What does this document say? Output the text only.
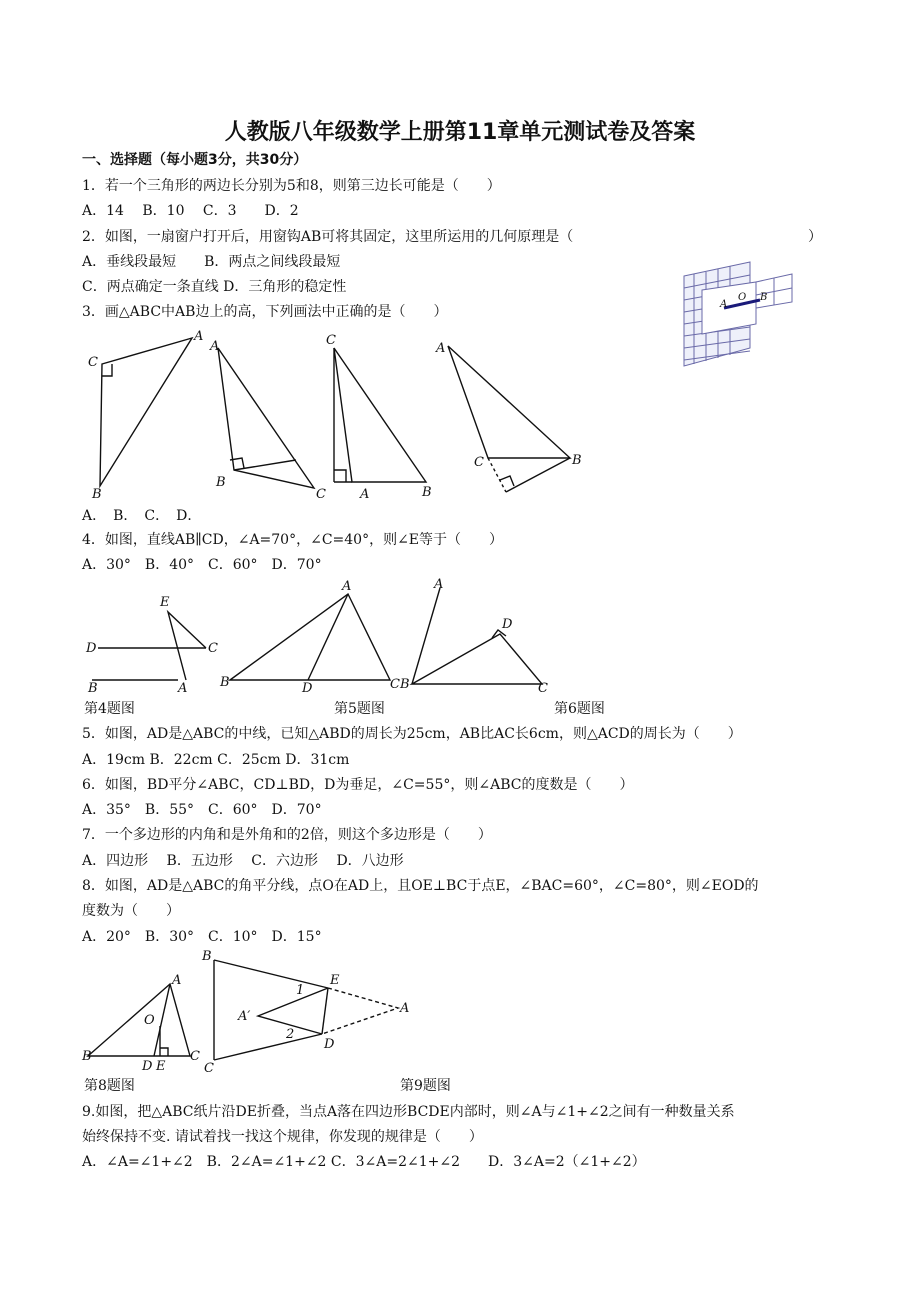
人教版八年级数学上册第11章单元测试卷及答案
一、选择题（每小题3分，共30分）
1．若一个三角形的两边长分别为5和8，则第三边长可能是（　　）
A．14　 B．10　 C．3　　D．2
2．如图，一扇窗户打开后，用窗钩AB可将其固定，这里所运用的几何原理是（	）
A．垂线段最短　　B．两点之间线段最短
C．两点确定一条直线 D．三角形的稳定性
A
O B
3．画△ABC中AB边上的高，下列画法中正确的是（　　）
C
A
B
A
B
C
C
A	B
A
C	B
A．　B．　C．　D．
4．如图，直线AB∥CD，∠A=70°，∠C=40°，则∠E等于（　　）
A．30°　B．40°　C．60°　D．70°
E
D	C
B	A
A
B	D	C
A
B
D
C
第4题图	第5题图	第6题图
5．如图，AD是△ABC的中线，已知△ABD的周长为25cm，AB比AC长6cm，则△ACD的周长为（　　）
A．19cm B．22cm C．25cm D．31cm
6．如图，BD平分∠ABC，CD⊥BD，D为垂足，∠C=55°，则∠ABC的度数是（　　）
A．35°　B．55°　C．60°　D．70°
7．一个多边形的内角和是外角和的2倍，则这个多边形是（　　）
A．四边形　 B．五边形　 C．六边形　 D．八边形
8．如图，AD是△ABC的角平分线，点O在AD上，且OE⊥BC于点E，∠BAC=60°，∠C=80°，则∠EOD的
度数为（　　）
A．20°　B．30°　C．10°　D．15°
A
O
B
D E
C
B
E
1
A′
2
D
A
C
第8题图	第9题图
9.如图，把△ABC纸片沿DE折叠，当点A落在四边形BCDE内部时，则∠A与∠1+∠2之间有一种数量关系
始终保持不变. 请试着找一找这个规律，你发现的规律是（　　）
A．∠A=∠1+∠2　B．2∠A=∠1+∠2 C．3∠A=2∠1+∠2　　D．3∠A=2（∠1+∠2）
